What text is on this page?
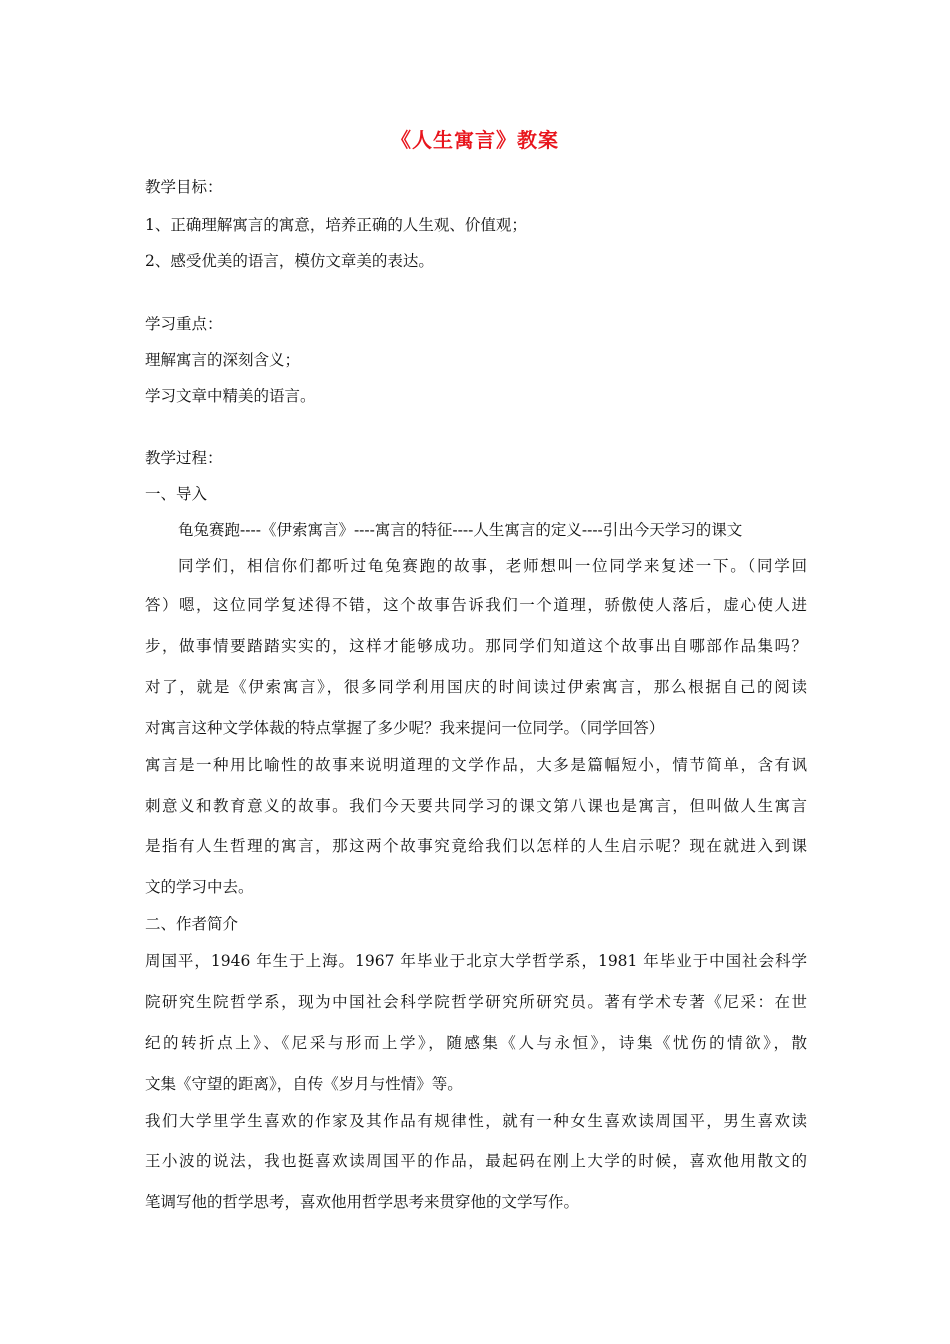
《人生寓言》教案
教学目标：
1、正确理解寓言的寓意，培养正确的人生观、价值观；
2、感受优美的语言，模仿文章美的表达。
学习重点：
理解寓言的深刻含义；
学习文章中精美的语言。
教学过程：
一、导入
龟兔赛跑----《伊索寓言》----寓言的特征----人生寓言的定义----引出今天学习的课文
同学们，相信你们都听过龟兔赛跑的故事，老师想叫一位同学来复述一下。（同学回
答）嗯，这位同学复述得不错，这个故事告诉我们一个道理，骄傲使人落后，虚心使人进
步，做事情要踏踏实实的，这样才能够成功。那同学们知道这个故事出自哪部作品集吗？
对了，就是《伊索寓言》，很多同学利用国庆的时间读过伊索寓言，那么根据自己的阅读
对寓言这种文学体裁的特点掌握了多少呢？我来提问一位同学。（同学回答）
寓言是一种用比喻性的故事来说明道理的文学作品，大多是篇幅短小，情节简单，含有讽
刺意义和教育意义的故事。我们今天要共同学习的课文第八课也是寓言，但叫做人生寓言
是指有人生哲理的寓言，那这两个故事究竟给我们以怎样的人生启示呢？现在就进入到课
文的学习中去。
二、作者简介
周国平，1946 年生于上海。1967 年毕业于北京大学哲学系，1981 年毕业于中国社会科学
院研究生院哲学系，现为中国社会科学院哲学研究所研究员。著有学术专著《尼采：在世
纪的转折点上》、《尼采与形而上学》，随感集《人与永恒》，诗集《忧伤的情欲》，散
文集《守望的距离》，自传《岁月与性情》等。
我们大学里学生喜欢的作家及其作品有规律性，就有一种女生喜欢读周国平，男生喜欢读
王小波的说法，我也挺喜欢读周国平的作品，最起码在刚上大学的时候，喜欢他用散文的
笔调写他的哲学思考，喜欢他用哲学思考来贯穿他的文学写作。
